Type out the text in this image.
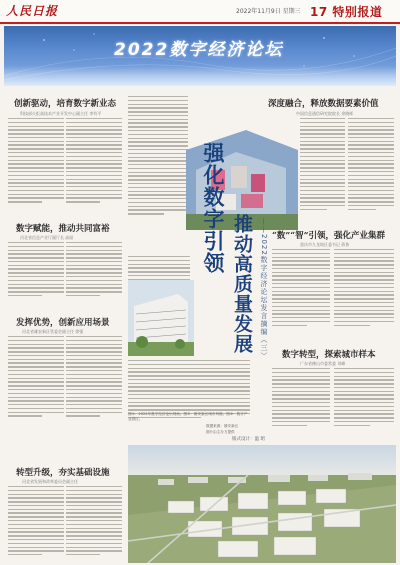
人民日报	2022年11月9日 星期三 17 特别报道
2022数字经济论坛
创新驱动，培育数字新业态
科技部火炬高技术产业开发中心副主任 李有平
数字赋能，推动共同富裕
河北省信息产业厅副厅长 高丽
发挥优势，创新应用场景
河北省雄安新区管委会副主任 徐强
转型升级，夯实基础设施
河北省发展和改革委员会副主任
强化数字引领
推动高质量发展	——2022数字经济论坛发言摘编（三）
深度融合，释放数据要素价值
中国信息通信研究院院长 余晓晖
“数”“智”引领，强化产业集群
重庆市九龙坡区委书记 蒋鲁
数字转型，探索城市样本
广东省佛山市委常委 刘峰
图①：2022年数字经济论坛现场。图②：雄安新区城市风貌。图③：数字产业园区。
数据来源：雄安新区
图片由主办方提供
版式设计：温 珺
